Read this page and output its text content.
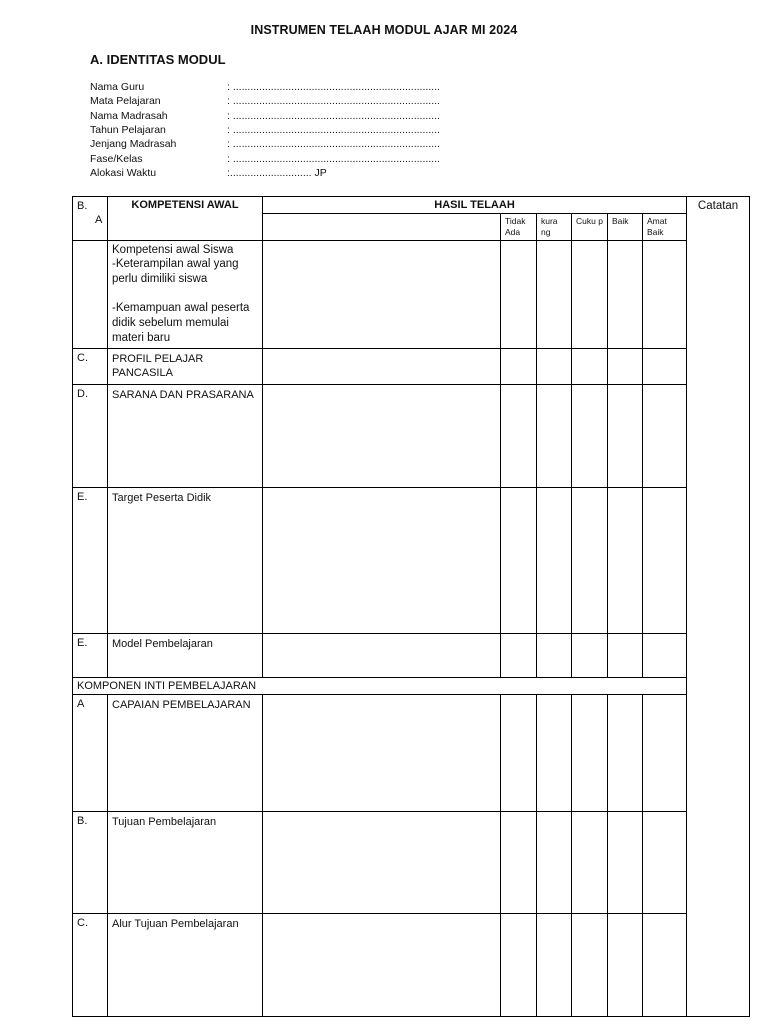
INSTRUMEN TELAAH MODUL AJAR MI 2024
A. IDENTITAS MODUL
Nama Guru	: .......................................................................
Mata Pelajaran	: .......................................................................
Nama Madrasah	: .......................................................................
Tahun Pelajaran	: .......................................................................
Jenjang Madrasah	: .......................................................................
Fase/Kelas	: .......................................................................
Alokasi Waktu	:............................ JP
B.
A	KOMPETENSI AWAL	HASIL TELAAH						Catatan
			Tidak Ada	kura ng	Cuku p	Baik	Amat Baik	

	Kompetensi awal Siswa
-Keterampilan awal yang perlu dimiliki siswa
-Kemampuan awal peserta didik sebelum memulai materi baru							

C.	PROFIL PELAJAR PANCASILA							
D.	SARANA DAN PRASARANA							
E.	Target Peserta Didik							
E.	Model Pembelajaran							
KOMPONEN INTI PEMBELAJARAN								
A	CAPAIAN PEMBELAJARAN							
B.	Tujuan Pembelajaran							
C.	Alur Tujuan Pembelajaran							
